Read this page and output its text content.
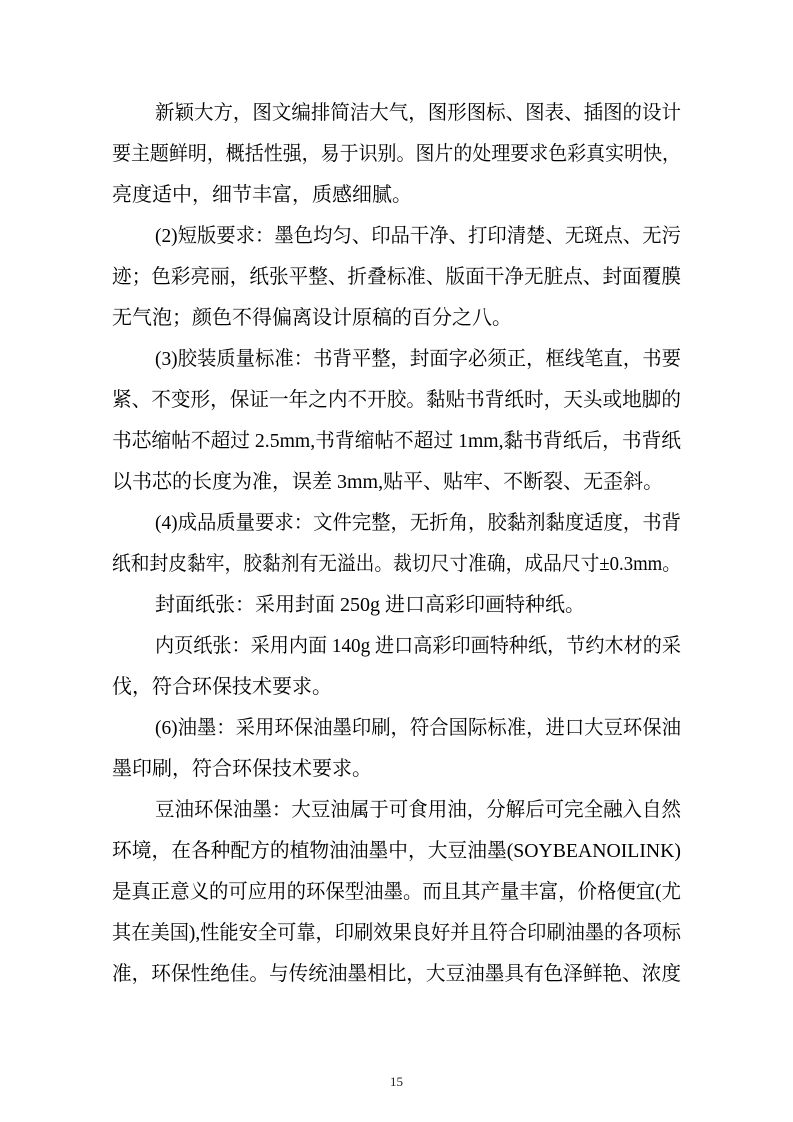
新颖大方，图文编排简洁大气，图形图标、图表、插图的设计
要主题鲜明，概括性强，易于识别。图片的处理要求色彩真实明快，
亮度适中，细节丰富，质感细腻。
(2)短版要求：墨色均匀、印品干净、打印清楚、无斑点、无污
迹；色彩亮丽，纸张平整、折叠标准、版面干净无脏点、封面覆膜
无气泡；颜色不得偏离设计原稿的百分之八。
(3)胶装质量标准：书背平整，封面字必须正，框线笔直，书要
紧、不变形，保证一年之内不开胶。黏贴书背纸时，天头或地脚的
书芯缩帖不超过 2.5mm,书背缩帖不超过 1mm,黏书背纸后，书背纸
以书芯的长度为准，误差 3mm,贴平、贴牢、不断裂、无歪斜。
(4)成品质量要求：文件完整，无折角，胶黏剂黏度适度，书背
纸和封皮黏牢，胶黏剂有无溢出。裁切尺寸准确，成品尺寸±0.3mm。
封面纸张：采用封面 250g 进口高彩印画特种纸。
内页纸张：采用内面 140g 进口高彩印画特种纸，节约木材的采
伐，符合环保技术要求。
(6)油墨：采用环保油墨印刷，符合国际标准，进口大豆环保油
墨印刷，符合环保技术要求。
豆油环保油墨：大豆油属于可食用油，分解后可完全融入自然
环境，在各种配方的植物油油墨中，大豆油墨(SOYBEANOILINK)
是真正意义的可应用的环保型油墨。而且其产量丰富，价格便宜(尤
其在美国),性能安全可靠，印刷效果良好并且符合印刷油墨的各项标
准，环保性绝佳。与传统油墨相比，大豆油墨具有色泽鲜艳、浓度
15
